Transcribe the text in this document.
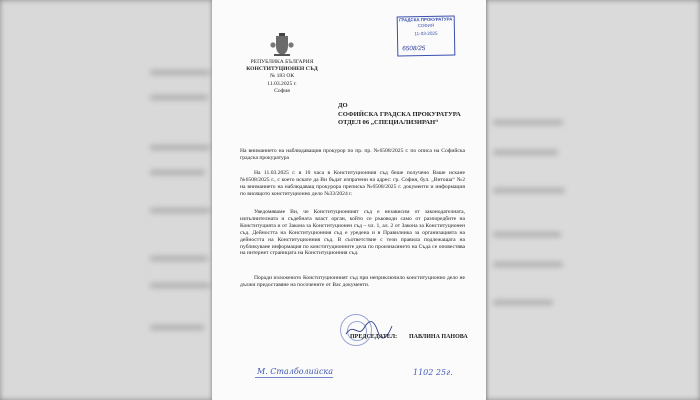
РЕПУБЛИКА БЪЛГАРИЯ
КОНСТИТУЦИОНЕН СЪД
№ 183 ОК
11.03.2025 г.
София
ГРАДСКА ПРОКУРАТУРА
СОФИЯ
11-03-2025
6508/25
ДО
СОФИЙСКА ГРАДСКА ПРОКУРАТУРА
ОТДЕЛ 06 „СПЕЦИАЛИЗИРАН“
На вниманието на наблюдаващия прокурор по пр. пр. №6508/2025 г. по описа на Софийска градска прокуратура
На 11.03.2025 г. в 10 часа в Конституционния съд беше получено Ваше искане №6508/2025 г., с което искате да Ви бъдат изпратени на адрес: гр. София, бул. „Витоша“ №2 на вниманието на наблюдаващ прокурора преписка №6508/2025 г. документи и информация по висящото конституционно дело №33/2024 г.
Уведомяваме Ви, че Конституционният съд е независим от законодателната, изпълнителната и съдебната власт орган, който се ръководи само от разпоредбите на Конституцията и от Закона за Конституционен съд – чл. 1, ал. 2 от Закона за Конституционен съд. Дейността на Конституционния съд е уредена и в Правилника за организацията на дейността на Конституционния съд. В съответствие с тези правила подлежащата на публикуване информация по конституционните дела по произнасянето на Съда се оповестява на интернет страницата на Конституционния съд.
Поради изложеното Конституционният съд при неприключило конституционно дело не дължи предоставяне на посочените от Вас документи.
ПРЕДСЕДАТЕЛ: ПАВЛИНА ПАНОВА
М. Сталболийска	1102 25г.
